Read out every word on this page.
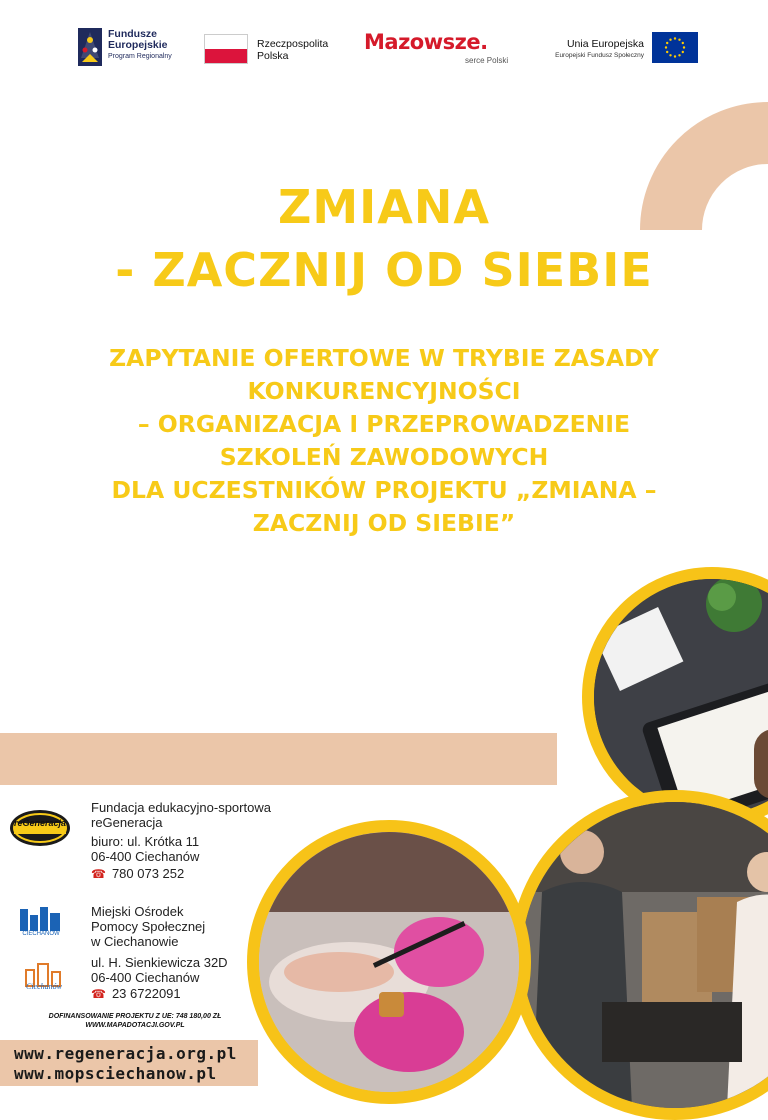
Fundusze
Europejskie
Program Regionalny
Rzeczpospolita
Polska
Mazowsze.
serce Polski
Unia Europejska
Europejski Fundusz Społeczny
ZMIANA
- ZACZNIJ OD SIEBIE
ZAPYTANIE OFERTOWE W TRYBIE ZASADY
KONKURENCYJNOŚCI
– ORGANIZACJA I PRZEPROWADZENIE
SZKOLEŃ ZAWODOWYCH
DLA UCZESTNIKÓW PROJEKTU „ZMIANA –
ZACZNIJ OD SIEBIE”
reGeneracja
Fundacja edukacyjno-sportowa
reGeneracja
biuro: ul. Krótka 11
06-400 Ciechanów
☎ 780 073 252
CIECHANÓW
Miejski Ośrodek
Pomocy Społecznej
w Ciechanowie
Ciechanów
ul. H. Sienkiewicza 32D
06-400 Ciechanów
☎ 23 6722091
DOFINANSOWANIE PROJEKTU Z UE: 748 180,00 ZŁ
WWW.MAPADOTACJI.GOV.PL
www.regeneracja.org.pl
www.mopsciechanow.pl
